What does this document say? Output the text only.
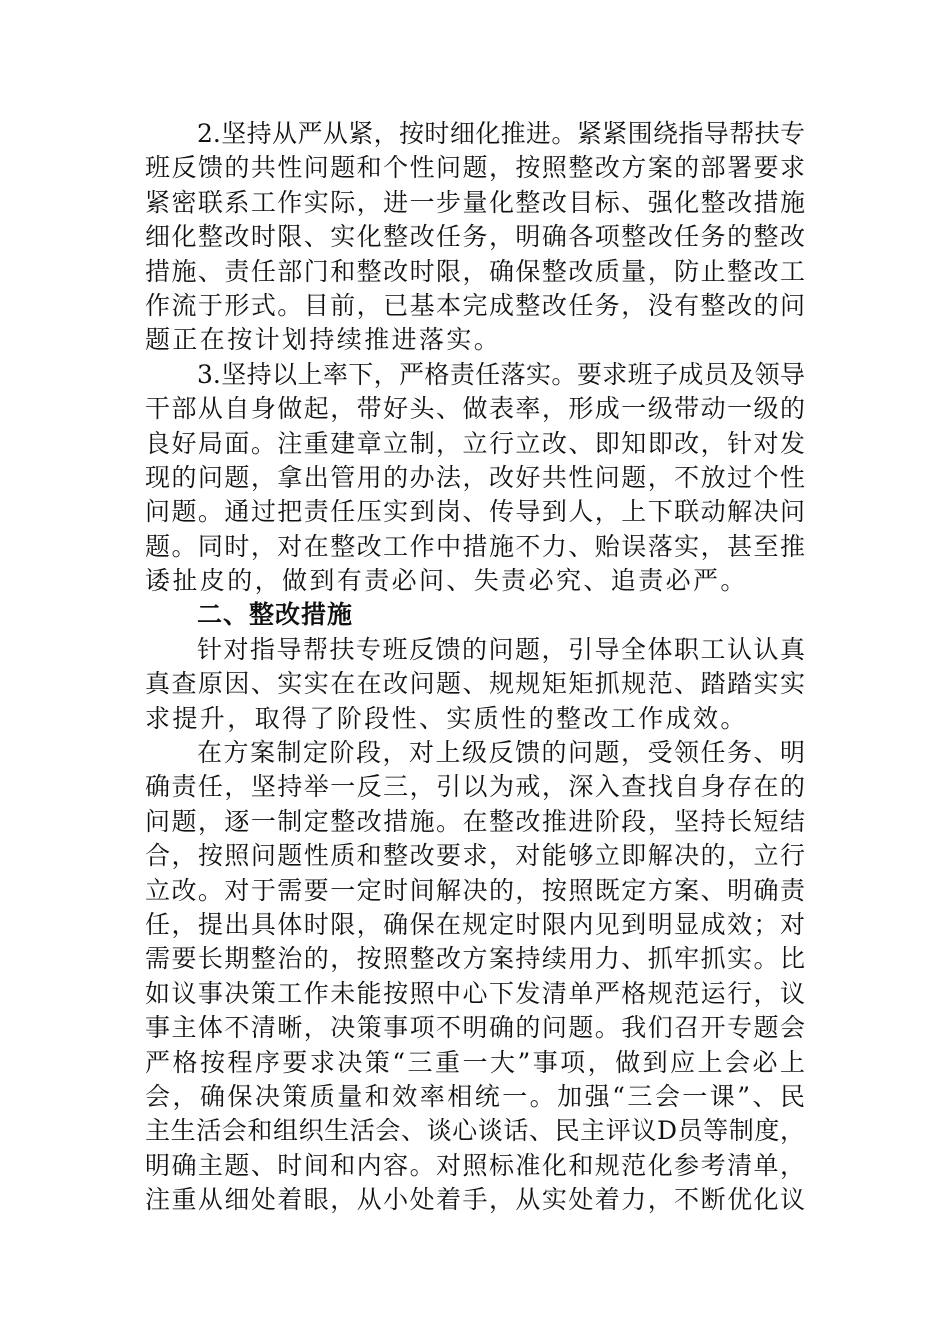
2.坚持从严从紧，按时细化推进。紧紧围绕指导帮扶专
班反馈的共性问题和个性问题，按照整改方案的部署要求
紧密联系工作实际，进一步量化整改目标、强化整改措施
细化整改时限、实化整改任务，明确各项整改任务的整改
措施、责任部门和整改时限，确保整改质量，防止整改工
作流于形式。目前，已基本完成整改任务，没有整改的问
题正在按计划持续推进落实。
3.坚持以上率下，严格责任落实。要求班子成员及领导
干部从自身做起，带好头、做表率，形成一级带动一级的
良好局面。注重建章立制，立行立改、即知即改，针对发
现的问题，拿出管用的办法，改好共性问题，不放过个性
问题。通过把责任压实到岗、传导到人，上下联动解决问
题。同时，对在整改工作中措施不力、贻误落实，甚至推
诿扯皮的，做到有责必问、失责必究、追责必严。
二、整改措施
针对指导帮扶专班反馈的问题，引导全体职工认认真
真查原因、实实在在改问题、规规矩矩抓规范、踏踏实实
求提升，取得了阶段性、实质性的整改工作成效。
在方案制定阶段，对上级反馈的问题，受领任务、明
确责任，坚持举一反三，引以为戒，深入查找自身存在的
问题，逐一制定整改措施。在整改推进阶段，坚持长短结
合，按照问题性质和整改要求，对能够立即解决的，立行
立改。对于需要一定时间解决的，按照既定方案、明确责
任，提出具体时限，确保在规定时限内见到明显成效；对
需要长期整治的，按照整改方案持续用力、抓牢抓实。比
如议事决策工作未能按照中心下发清单严格规范运行，议
事主体不清晰，决策事项不明确的问题。我们召开专题会
严格按程序要求决策“三重一大”事项，做到应上会必上
会，确保决策质量和效率相统一。加强“三会一课”、民
主生活会和组织生活会、谈心谈话、民主评议D员等制度，
明确主题、时间和内容。对照标准化和规范化参考清单，
注重从细处着眼，从小处着手，从实处着力，不断优化议
